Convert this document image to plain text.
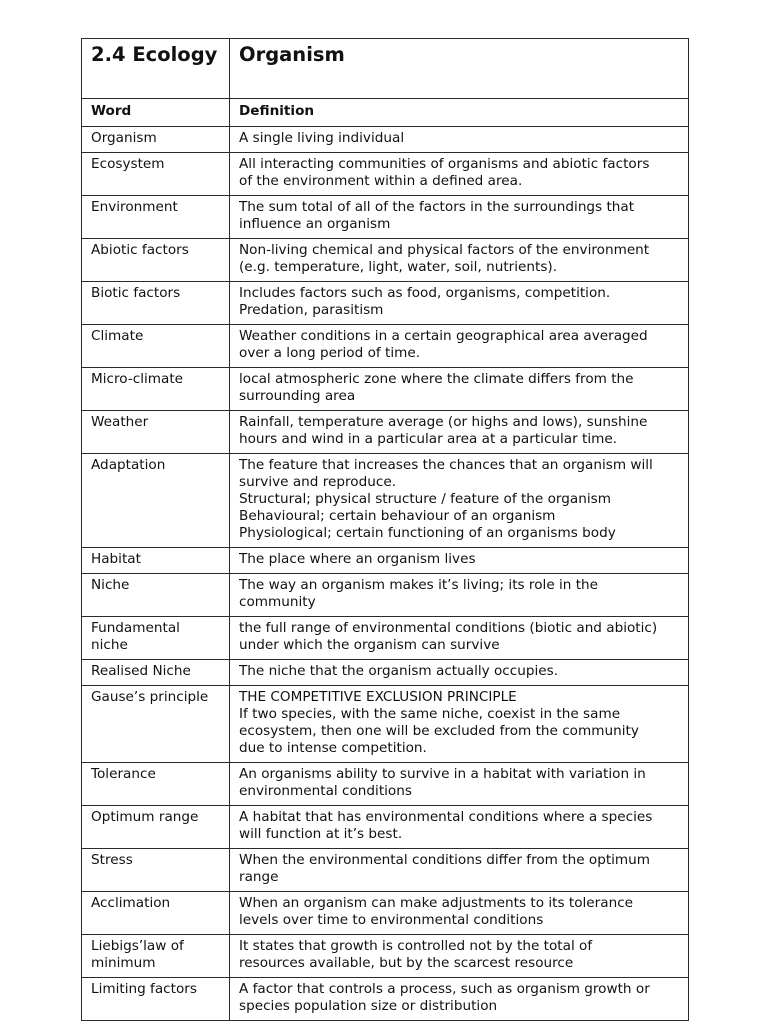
2.4 Ecology	Organism
Word	Definition

Organism	A single living individual

Ecosystem	All interacting communities of organisms and abiotic factors
of the environment within a defined area.

Environment	The sum total of all of the factors in the surroundings that
influence an organism

Abiotic factors	Non-living chemical and physical factors of the environment
(e.g. temperature, light, water, soil, nutrients).

Biotic factors	Includes factors such as food, organisms, competition.
Predation, parasitism

Climate	Weather conditions in a certain geographical area averaged
over a long period of time.

Micro-climate	local atmospheric zone where the climate differs from the
surrounding area

Weather	Rainfall, temperature average (or highs and lows), sunshine
hours and wind in a particular area at a particular time.

Adaptation	The feature that increases the chances that an organism will
survive and reproduce.
Structural; physical structure / feature of the organism
Behavioural; certain behaviour of an organism
Physiological; certain functioning of an organisms body

Habitat	The place where an organism lives

Niche	The way an organism makes it’s living; its role in the
community

Fundamental niche	the full range of environmental conditions (biotic and abiotic)
under which the organism can survive

Realised Niche	The niche that the organism actually occupies.

Gause’s principle	THE COMPETITIVE EXCLUSION PRINCIPLE
If two species, with the same niche, coexist in the same
ecosystem, then one will be excluded from the community
due to intense competition.

Tolerance	An organisms ability to survive in a habitat with variation in
environmental conditions

Optimum range	A habitat that has environmental conditions where a species
will function at it’s best.

Stress	When the environmental conditions differ from the optimum
range

Acclimation	When an organism can make adjustments to its tolerance
levels over time to environmental conditions

Liebigs’law of minimum	It states that growth is controlled not by the total of
resources available, but by the scarcest resource

Limiting factors	A factor that controls a process, such as organism growth or
species population size or distribution
